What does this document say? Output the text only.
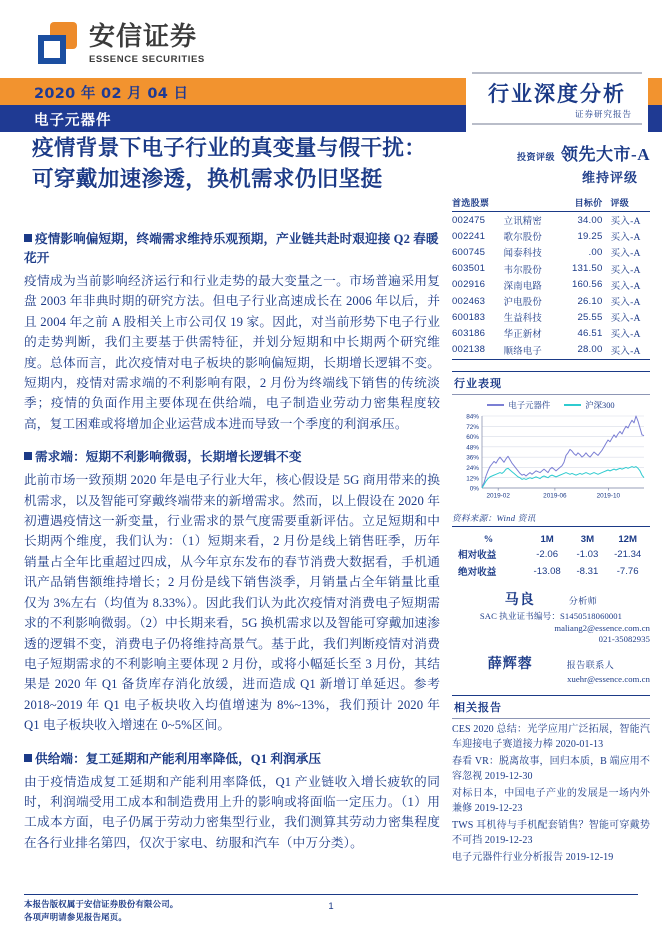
安信证券
ESSENCE SECURITIES
2020 年 02 月 04 日
电子元器件
行业深度分析
证券研究报告
疫情背景下电子行业的真变量与假干扰：可穿戴加速渗透，换机需求仍旧坚挺
疫情影响偏短期，终端需求维持乐观预期，产业链共赴时艰迎接 Q2 春暖花开

疫情成为当前影响经济运行和行业走势的最大变量之一。市场普遍采用复盘 2003 年非典时期的研究方法。但电子行业高速成长在 2006 年以后，并且 2004 年之前 A 股相关上市公司仅 19 家。因此，对当前形势下电子行业的走势判断，我们主要基于供需特征，并划分短期和中长期两个研究维度。总体而言，此次疫情对电子板块的影响偏短期，长期增长逻辑不变。短期内，疫情对需求端的不利影响有限，2 月份为终端线下销售的传统淡季；疫情的负面作用主要体现在供给端，电子制造业劳动力密集程度较高，复工困难或将增加企业运营成本进而导致一个季度的利润承压。

需求端：短期不利影响微弱，长期增长逻辑不变

此前市场一致预期 2020 年是电子行业大年，核心假设是 5G 商用带来的换机需求，以及智能可穿戴终端带来的新增需求。然而，以上假设在 2020 年初遭遇疫情这一新变量，行业需求的景气度需要重新评估。立足短期和中长期两个维度，我们认为：（1）短期来看，2 月份是线上销售旺季，历年销量占全年比重超过四成，从今年京东发布的春节消费大数据看，手机通讯产品销售额维持增长；2 月份是线下销售淡季，月销量占全年销量比重仅为 3%左右（均值为 8.33%）。因此我们认为此次疫情对消费电子短期需求的不利影响微弱。（2）中长期来看，5G 换机需求以及智能可穿戴加速渗透的逻辑不变，消费电子仍将维持高景气。基于此，我们判断疫情对消费电子短期需求的不利影响主要体现 2 月份，或将小幅延长至 3 月份，其结果是 2020 年 Q1 备货库存消化放缓，进而造成 Q1 新增订单延迟。参考 2018~2019 年 Q1 电子板块收入均值增速为 8%~13%，我们预计 2020 年 Q1 电子板块收入增速在 0~5%区间。

供给端：复工延期和产能利用率降低，Q1 利润承压

由于疫情造成复工延期和产能利用率降低，Q1 产业链收入增长疲软的同时，利润端受用工成本和制造费用上升的影响或将面临一定压力。（1）用工成本方面，电子仍属于劳动力密集型行业，我们测算其劳动力密集程度在各行业排名第四，仅次于家电、纺服和汽车（中万分类）。

投资评级 领先大市-A
维持评级
首选股票		目标价	评级
002475	立讯精密	34.00	买入-A
002241	歌尔股份	19.25	买入-A
600745	闻泰科技	.00	买入-A
603501	韦尔股份	131.50	买入-A
002916	深南电路	160.56	买入-A
002463	沪电股份	26.10	买入-A
600183	生益科技	25.55	买入-A
603186	华正新材	46.51	买入-A
002138	顺络电子	28.00	买入-A
行业表现
电子元器件	沪深300
0%
12%
24%
36%
48%
60%
72%
84%
2019-02	2019-06	2019-10
资料来源：Wind 资讯
%	1M	3M	12M
相对收益	-2.06	-1.03	-21.34
绝对收益	-13.08	-8.31	-7.76
马良	分析师
SAC 执业证书编号：S1450518060001
maliang2@essence.com.cn
021-35082935
薛辉蓉	报告联系人
xuehr@essence.com.cn
相关报告
CES 2020 总结：光学应用广泛拓展，智能汽车迎接电子赛道接力棒 2020-01-13
春看 VR：脱离故事，回归本质，B 端应用不容忽视 2019-12-30
对标日本，中国电子产业的发展是一场内外兼修 2019-12-23
TWS 耳机待与手机配套销售？智能可穿戴势不可挡 2019-12-23
电子元器件行业分析报告 2019-12-19
本报告版权属于安信证券股份有限公司。
各项声明请参见报告尾页。
1
